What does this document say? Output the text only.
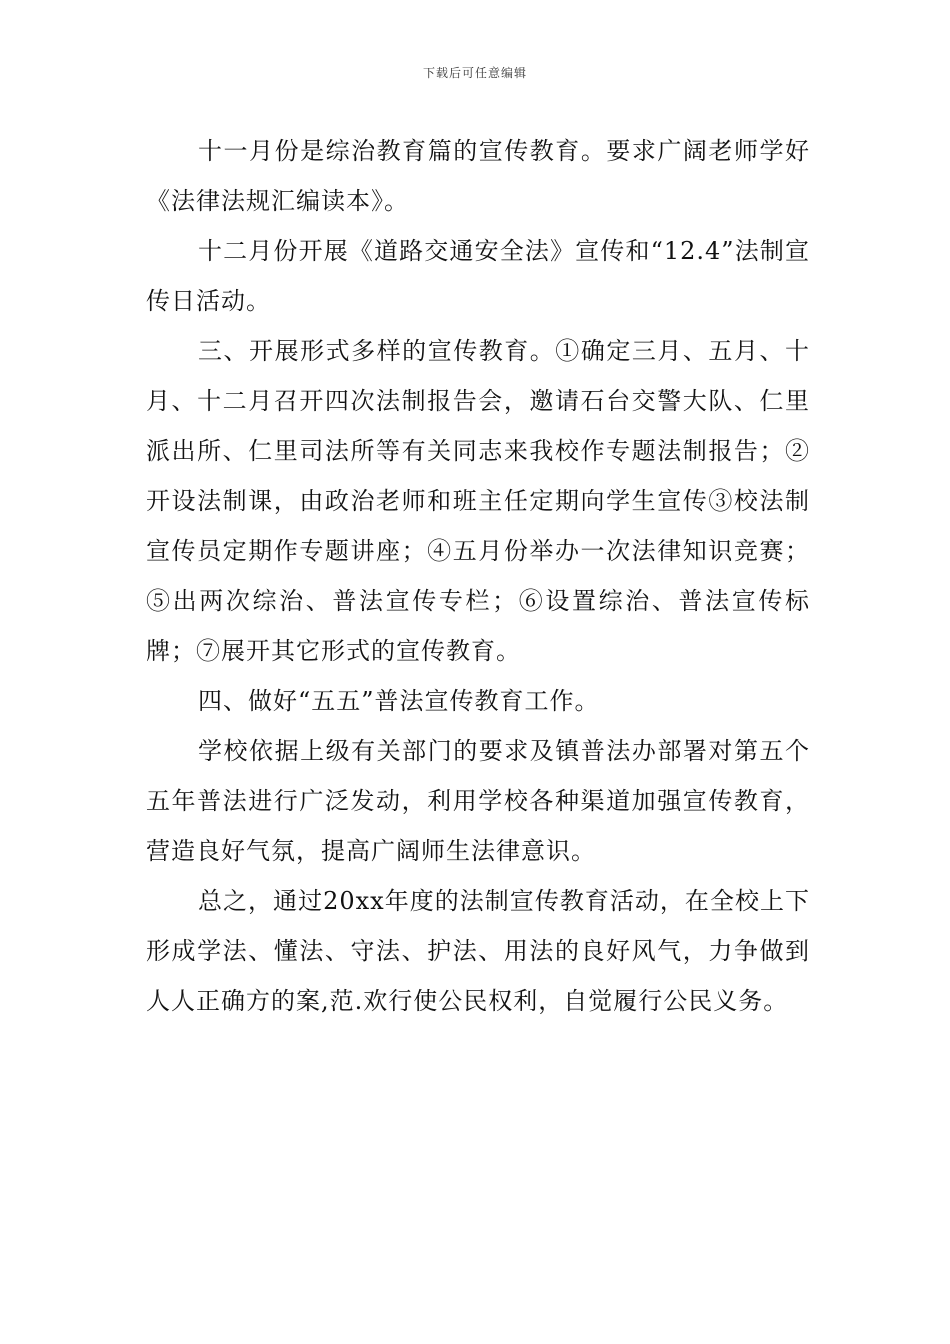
下载后可任意编辑

十一月份是综治教育篇的宣传教育。要求广阔老师学好《法律法规汇编读本》。

十二月份开展《道路交通安全法》宣传和“12.4”法制宣传日活动。

三、开展形式多样的宣传教育。①确定三月、五月、十月、十二月召开四次法制报告会，邀请石台交警大队、仁里派出所、仁里司法所等有关同志来我校作专题法制报告；②开设法制课，由政治老师和班主任定期向学生宣传③校法制宣传员定期作专题讲座；④五月份举办一次法律知识竞赛；⑤出两次综治、普法宣传专栏；⑥设置综治、普法宣传标牌；⑦展开其它形式的宣传教育。

四、做好“五五”普法宣传教育工作。

学校依据上级有关部门的要求及镇普法办部署对第五个五年普法进行广泛发动，利用学校各种渠道加强宣传教育，营造良好气氛，提高广阔师生法律意识。

总之，通过20xx年度的法制宣传教育活动，在全校上下形成学法、懂法、守法、护法、用法的良好风气，力争做到人人正确方的案,范.欢行使公民权利，自觉履行公民义务。
